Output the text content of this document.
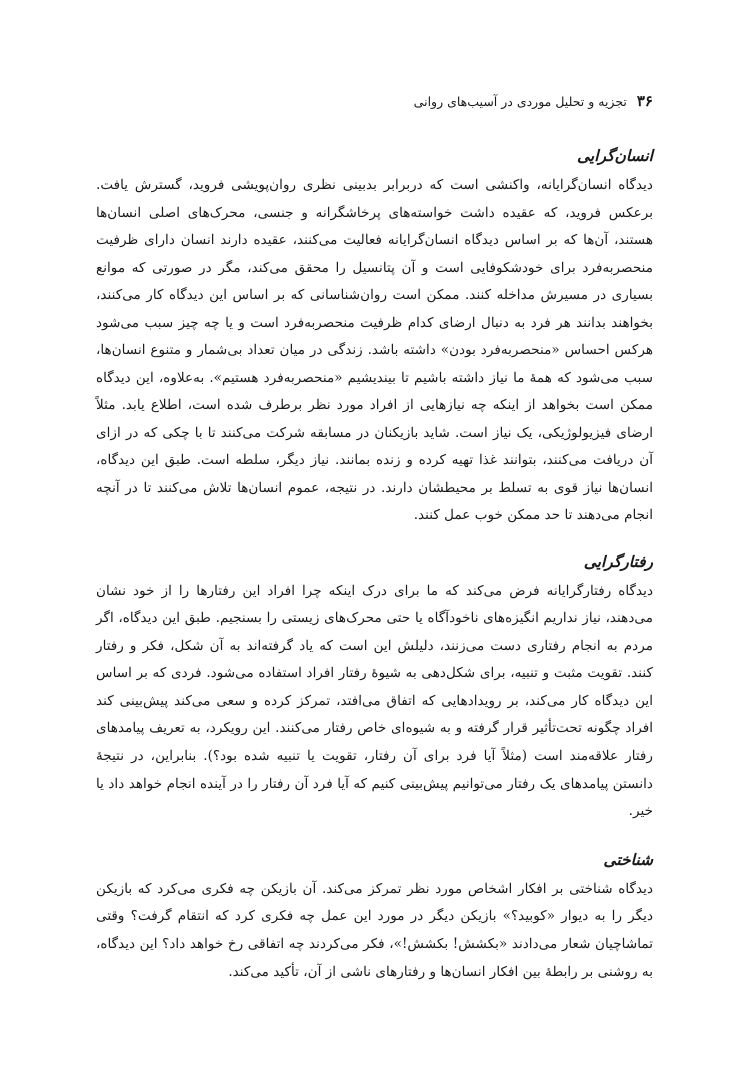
۳۶
تجزیه و تحلیل موردی در آسیب‌های روانی
انسان‌گرایی

دیدگاه انسان‌گرایانه، واکنشی است که دربرابر بدبینی نظری روان‌پویشی فروید، گسترش یافت. برعکس فروید، که عقیده داشت خواسته‌های پرخاشگرانه و جنسی، محرک‌های اصلی انسان‌ها هستند، آن‌ها که بر اساس دیدگاه انسان‌گرایانه فعالیت می‌کنند، عقیده دارند انسان دارای ظرفیت منحصربه‌فرد برای خودشکوفایی است و آن پتانسیل را محقق می‌کند، مگر در صورتی که موانع بسیاری در مسیرش مداخله کنند. ممکن است روان‌شناسانی که بر اساس این دیدگاه کار می‌کنند، بخواهند بدانند هر فرد به دنبال ارضای کدام ظرفیت منحصربه‌فرد است و یا چه چیز سبب می‌شود هرکس احساس «منحصربه‌فرد بودن» داشته باشد. زندگی در میان تعداد بی‌شمار و متنوع انسان‌ها، سبب می‌شود که همهٔ ما نیاز داشته باشیم تا بیندیشیم «منحصربه‌فرد هستیم». به‌علاوه، این دیدگاه ممکن است بخواهد از اینکه چه نیازهایی از افراد مورد نظر برطرف شده است، اطلاع یابد. مثلاً ارضای فیزیولوژیکی، یک نیاز است. شاید بازیکنان در مسابقه شرکت می‌کنند تا با چکی که در ازای آن دریافت می‌کنند، بتوانند غذا تهیه کرده و زنده بمانند. نیاز دیگر، سلطه است. طبق این دیدگاه، انسان‌ها نیاز قوی به تسلط بر محیطشان دارند. در نتیجه، عموم انسان‌ها تلاش می‌کنند تا در آنچه انجام می‌دهند تا حد ممکن خوب عمل کنند.

رفتارگرایی

دیدگاه رفتارگرایانه فرض می‌کند که ما برای درک اینکه چرا افراد این رفتارها را از خود نشان می‌دهند، نیاز نداریم انگیزه‌های ناخودآگاه یا حتی محرک‌های زیستی را بسنجیم. طبق این دیدگاه، اگر مردم به انجام رفتاری دست می‌زنند، دلیلش این است که یاد گرفته‌اند به آن شکل، فکر و رفتار کنند. تقویت مثبت و تنبیه، برای شکل‌دهی به شیوهٔ رفتار افراد استفاده می‌شود. فردی که بر اساس این دیدگاه کار می‌کند، بر رویدادهایی که اتفاق می‌افتد، تمرکز کرده و سعی می‌کند پیش‌بینی کند افراد چگونه تحت‌تأثیر قرار گرفته و به شیوه‌ای خاص رفتار می‌کنند. این رویکرد، به تعریف پیامدهای رفتار علاقه‌مند است (مثلاً آیا فرد برای آن رفتار، تقویت یا تنبیه شده بود؟). بنابراین، در نتیجهٔ دانستن پیامدهای یک رفتار می‌توانیم پیش‌بینی کنیم که آیا فرد آن رفتار را در آینده انجام خواهد داد یا خیر.

شناختی

دیدگاه شناختی بر افکار اشخاص مورد نظر تمرکز می‌کند. آن بازیکن چه فکری می‌کرد که بازیکن دیگر را به دیوار «کوبید؟» بازیکن دیگر در مورد این عمل چه فکری کرد که انتقام گرفت؟ وقتی تماشاچیان شعار می‌دادند «بکشش! بکشش!»، فکر می‌کردند چه اتفاقی رخ خواهد داد؟ این دیدگاه، به روشنی بر رابطهٔ بین افکار انسان‌ها و رفتارهای ناشی از آن، تأکید می‌کند.
